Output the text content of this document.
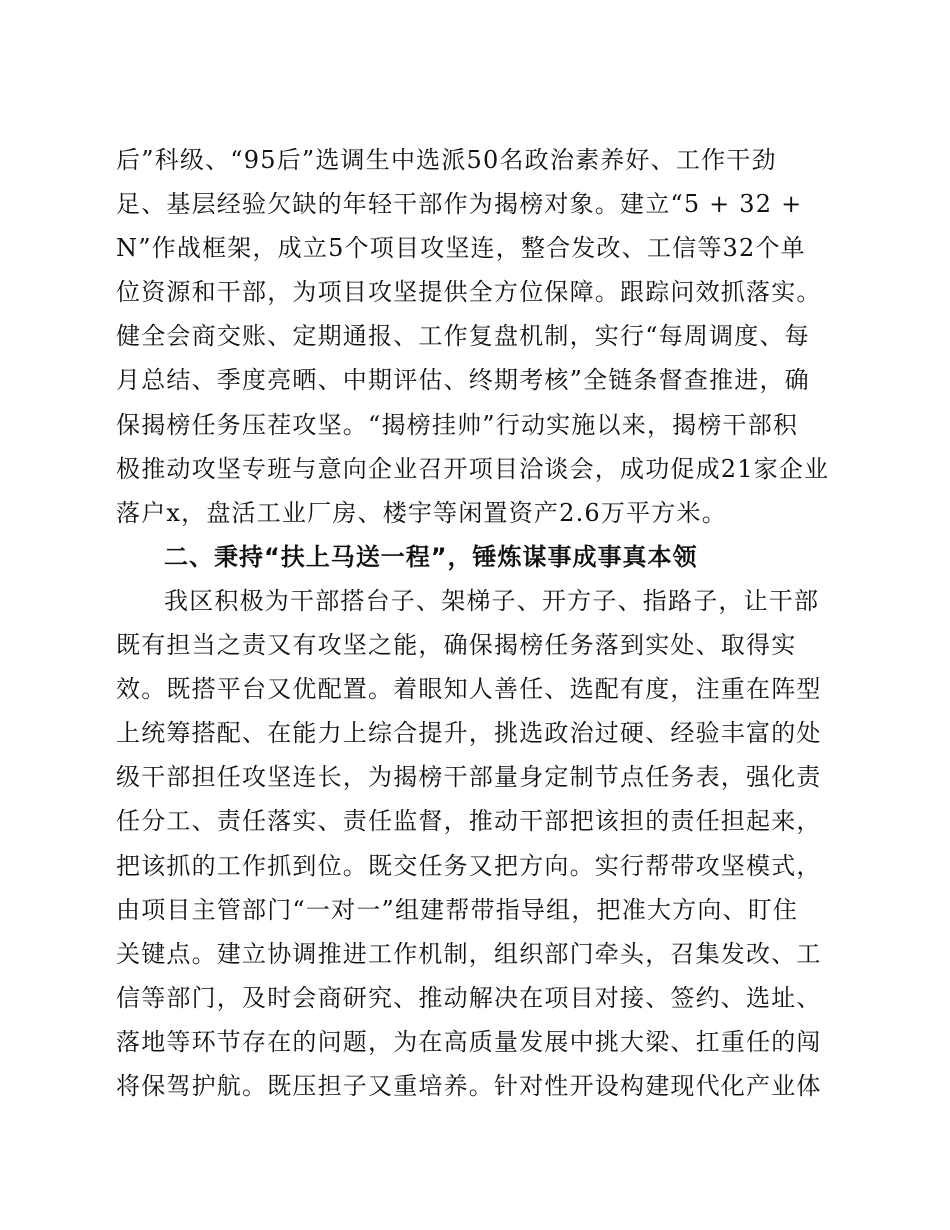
后”科级、“95后”选调生中选派50名政治素养好、工作干劲
足、基层经验欠缺的年轻干部作为揭榜对象。建立“5 + 32 +
N”作战框架，成立5个项目攻坚连，整合发改、工信等32个单
位资源和干部，为项目攻坚提供全方位保障。跟踪问效抓落实。
健全会商交账、定期通报、工作复盘机制，实行“每周调度、每
月总结、季度亮晒、中期评估、终期考核”全链条督查推进，确
保揭榜任务压茬攻坚。“揭榜挂帅”行动实施以来，揭榜干部积
极推动攻坚专班与意向企业召开项目洽谈会，成功促成21家企业
落户x，盘活工业厂房、楼宇等闲置资产2.6万平方米。
二、秉持“扶上马送一程”，锤炼谋事成事真本领
我区积极为干部搭台子、架梯子、开方子、指路子，让干部
既有担当之责又有攻坚之能，确保揭榜任务落到实处、取得实
效。既搭平台又优配置。着眼知人善任、选配有度，注重在阵型
上统筹搭配、在能力上综合提升，挑选政治过硬、经验丰富的处
级干部担任攻坚连长，为揭榜干部量身定制节点任务表，强化责
任分工、责任落实、责任监督，推动干部把该担的责任担起来，
把该抓的工作抓到位。既交任务又把方向。实行帮带攻坚模式，
由项目主管部门“一对一”组建帮带指导组，把准大方向、盯住
关键点。建立协调推进工作机制，组织部门牵头，召集发改、工
信等部门，及时会商研究、推动解决在项目对接、签约、选址、
落地等环节存在的问题，为在高质量发展中挑大梁、扛重任的闯
将保驾护航。既压担子又重培养。针对性开设构建现代化产业体
